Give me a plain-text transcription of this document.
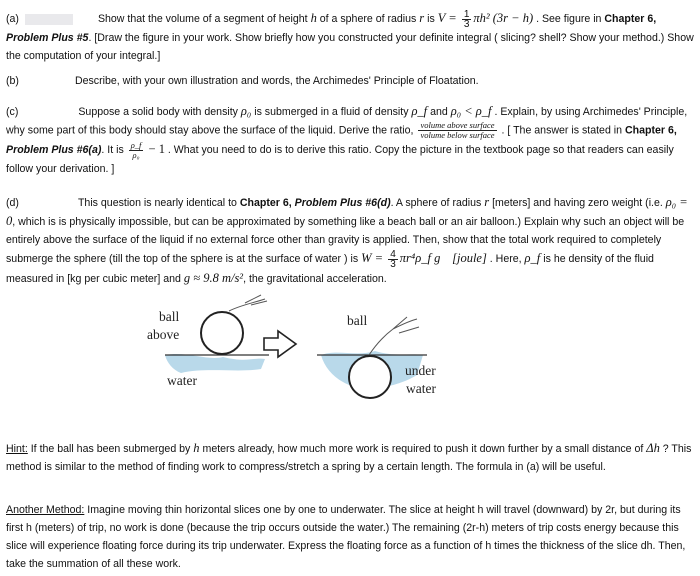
(a)	Show that the volume of a segment of height h of a sphere of radius r is $V = \frac{1}{3} \pi h^2$ (3r − h) . See figure in Chapter 6, Problem Plus #5. [Draw the figure in your work. Show briefly how you constructed your definite integral ( slicing? shell? Show your method.) Show the computation of your integral.]
(b)	Describe, with your own illustration and words, the Archimedes' Principle of Floatation.
(c)	Suppose a solid body with density ρ₀ is submerged in a fluid of density ρ_f and ρ₀ < ρ_f . Explain, by using Archimedes' Principle, why some part of this body should stay above the surface of the liquid. Derive the ratio, $\frac{\text{volume above surface}}{\text{volume below surface}}$ . [ The answer is stated in Chapter 6, Problem Plus #6(a). It is $\frac{\rho\_f}{\text{ρ₀}} - 1$ . What you need to do is to derive this ratio. Copy the picture in the textbook page so that readers can easily follow your derivation. ]
(d)	This question is nearly identical to Chapter 6, Problem Plus #6(d). A sphere of radius r [meters] and having zero weight (i.e. ρ₀ = 0, which is is physically impossible, but can be approximated by something like a beach ball or an air balloon.) Explain why such an object will be entirely above the surface of the liquid if no external force other than gravity is applied. Then, show that the total work required to completely submerge the sphere (till the top of the sphere is at the surface of water ) is $W = \frac{4}{3}$ πr⁴ρ_f g [joule] . Here, ρ_f is he density of the fluid measured in [kg per cubic meter] and g ≈ 9.8 m/s², the gravitational acceleration.
ball
above
water
ball
under
water
Hint: If the ball has been submerged by h meters already, how much more work is required to push it down further by a small distance of Δh ? This method is similar to the method of finding work to compress/stretch a spring by a certain length. The formula in (a) will be useful.
Another Method: Imagine moving thin horizontal slices one by one to underwater. The slice at height h will travel (downward) by 2r, but during its first h (meters) of trip, no work is done (because the trip occurs outside the water.) The remaining (2r-h) meters of trip costs energy because this slice will experience floating force during its trip underwater. Express the floating force as a function of h times the thickness of the slice dh. Then, take the summation of all these work.
